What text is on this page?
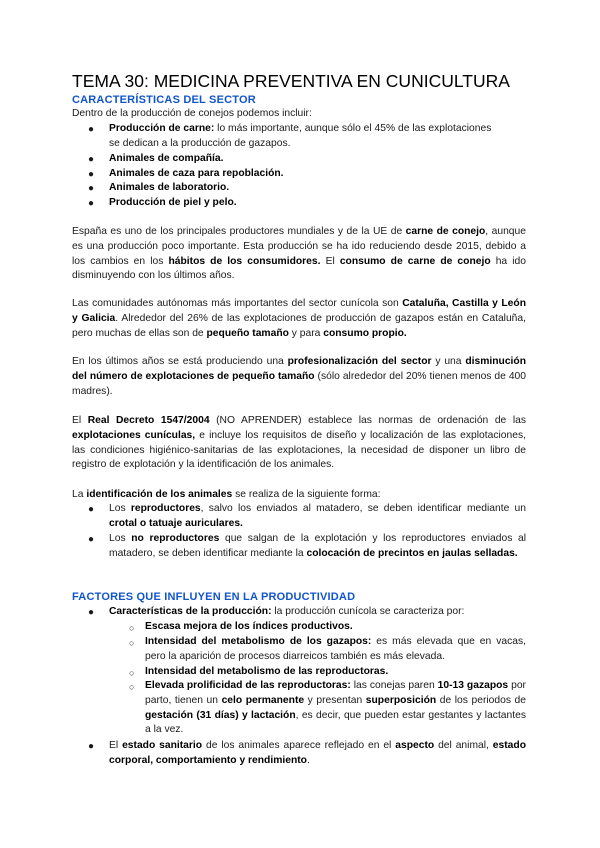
TEMA 30: MEDICINA PREVENTIVA EN CUNICULTURA
CARACTERÍSTICAS DEL SECTOR
Dentro de la producción de conejos podemos incluir:
● Producción de carne: lo más importante, aunque sólo el 45% de las explotaciones
se dedican a la producción de gazapos.
● Animales de compañía.
● Animales de caza para repoblación.
● Animales de laboratorio.
● Producción de piel y pelo.

España es uno de los principales productores mundiales y de la UE de carne de conejo, aunque es una producción poco importante. Esta producción se ha ido reduciendo desde 2015, debido a los cambios en los hábitos de los consumidores. El consumo de carne de conejo ha ido disminuyendo con los últimos años.

Las comunidades autónomas más importantes del sector cunícola son Cataluña, Castilla y León y Galicia. Alrededor del 26% de las explotaciones de producción de gazapos están en Cataluña, pero muchas de ellas son de pequeño tamaño y para consumo propio.

En los últimos años se está produciendo una profesionalización del sector y una disminución del número de explotaciones de pequeño tamaño (sólo alrededor del 20% tienen menos de 400 madres).

El Real Decreto 1547/2004 (NO APRENDER) establece las normas de ordenación de las explotaciones cunículas, e incluye los requisitos de diseño y localización de las explotaciones, las condiciones higiénico-sanitarias de las explotaciones, la necesidad de disponer un libro de registro de explotación y la identificación de los animales.

La identificación de los animales se realiza de la siguiente forma:
● Los reproductores, salvo los enviados al matadero, se deben identificar mediante un crotal o tatuaje auriculares.

● Los no reproductores que salgan de la explotación y los reproductores enviados al matadero, se deben identificar mediante la colocación de precintos en jaulas selladas.

FACTORES QUE INFLUYEN EN LA PRODUCTIVIDAD
● Características de la producción: la producción cunícola se caracteriza por:
○ Escasa mejora de los índices productivos.
○ Intensidad del metabolismo de los gazapos: es más elevada que en vacas, pero la aparición de procesos diarreicos también es más elevada.

○ Intensidad del metabolismo de las reproductoras.
○ Elevada prolificidad de las reproductoras: las conejas paren 10-13 gazapos por parto, tienen un celo permanente y presentan superposición de los periodos de gestación (31 días) y lactación, es decir, que pueden estar gestantes y lactantes a la vez.

● El estado sanitario de los animales aparece reflejado en el aspecto del animal, estado corporal, comportamiento y rendimiento.
